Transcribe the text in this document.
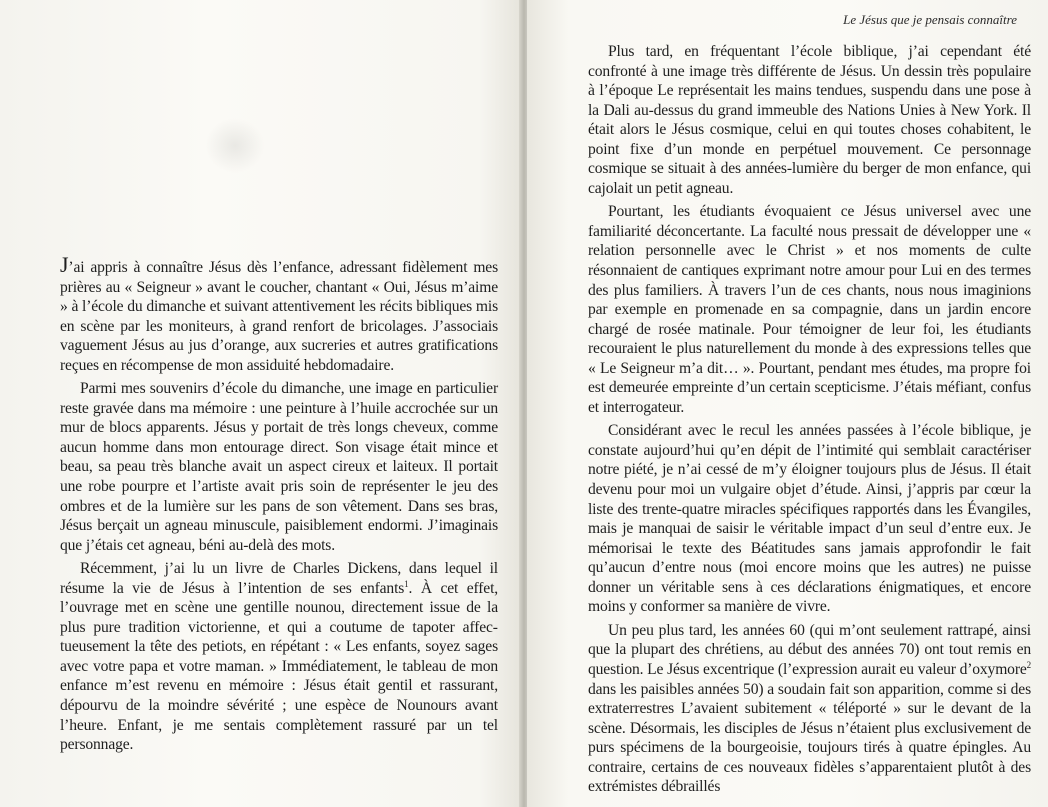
J’ai appris à connaître Jésus dès l’enfance, adressant fidèlement mes prières au « Seigneur » avant le coucher, chantant « Oui, Jésus m’aime » à l’école du dimanche et suivant attentivement les récits bibliques mis en scène par les moniteurs, à grand renfort de bricolages. J’associais vaguement Jésus au jus d’orange, aux sucreries et autres gratifications reçues en récompense de mon assiduité hebdomadaire.

Parmi mes souvenirs d’école du dimanche, une image en particulier reste gravée dans ma mémoire : une peinture à l’huile accrochée sur un mur de blocs apparents. Jésus y portait de très longs cheveux, comme aucun homme dans mon entourage direct. Son visage était mince et beau, sa peau très blanche avait un aspect cireux et laiteux. Il portait une robe pourpre et l’artiste avait pris soin de représenter le jeu des ombres et de la lumière sur les pans de son vêtement. Dans ses bras, Jésus berçait un agneau minuscule, paisiblement endormi. J’imaginais que j’étais cet agneau, béni au-delà des mots.

Récemment, j’ai lu un livre de Charles Dickens, dans lequel il résume la vie de Jésus à l’intention de ses enfants$^1$. À cet effet, l’ouvrage met en scène une gentille nounou, directement issue de la plus pure tradition victorienne, et qui a coutume de tapoter affectueusement la tête des petiots, en répétant : « Les enfants, soyez sages avec votre papa et votre maman. » Immédiatement, le tableau de mon enfance m’est revenu en mémoire : Jésus était gentil et rassurant, dépourvu de la moindre sévérité ; une espèce de Nounours avant l’heure. Enfant, je me sentais complètement rassuré par un tel personnage.

Le Jésus que je pensais connaître

Plus tard, en fréquentant l’école biblique, j’ai cependant été confronté à une image très différente de Jésus. Un dessin très populaire à l’époque Le représentait les mains tendues, suspendu dans une pose à la Dali au-dessus du grand immeuble des Nations Unies à New York. Il était alors le Jésus cosmique, celui en qui toutes choses cohabitent, le point fixe d’un monde en perpétuel mouvement. Ce personnage cosmique se situait à des années-lumière du berger de mon enfance, qui cajolait un petit agneau.

Pourtant, les étudiants évoquaient ce Jésus universel avec une familiarité déconcertante. La faculté nous pressait de développer une « relation personnelle avec le Christ » et nos moments de culte résonnaient de cantiques exprimant notre amour pour Lui en des termes des plus familiers. À travers l’un de ces chants, nous nous imaginions par exemple en promenade en sa compagnie, dans un jardin encore chargé de rosée matinale. Pour témoigner de leur foi, les étudiants recouraient le plus naturellement du monde à des expressions telles que « Le Seigneur m’a dit… ». Pourtant, pendant mes études, ma propre foi est demeurée empreinte d’un certain scepticisme. J’étais méfiant, confus et interrogateur.

Considérant avec le recul les années passées à l’école biblique, je constate aujourd’hui qu’en dépit de l’intimité qui semblait caractériser notre piété, je n’ai cessé de m’y éloigner toujours plus de Jésus. Il était devenu pour moi un vulgaire objet d’étude. Ainsi, j’appris par cœur la liste des trente-quatre miracles spécifiques rapportés dans les Évangiles, mais je manquai de saisir le véritable impact d’un seul d’entre eux. Je mémorisai le texte des Béatitudes sans jamais approfondir le fait qu’aucun d’entre nous (moi encore moins que les autres) ne puisse donner un véritable sens à ces déclarations énigmatiques, et encore moins y conformer sa manière de vivre.

Un peu plus tard, les années 60 (qui m’ont seulement rattrapé, ainsi que la plupart des chrétiens, au début des années 70) ont tout remis en question. Le Jésus excentrique (l’expression aurait eu valeur d’oxymore$^2$ dans les paisibles années 50) a soudain fait son apparition, comme si des extraterrestres L’avaient subitement « téléporté » sur le devant de la scène. Désormais, les disciples de Jésus n’étaient plus exclusivement de purs spécimens de la bourgeoisie, toujours tirés à quatre épingles. Au contraire, certains de ces nouveaux fidèles s’apparentaient plutôt à des extrémistes débraillés
